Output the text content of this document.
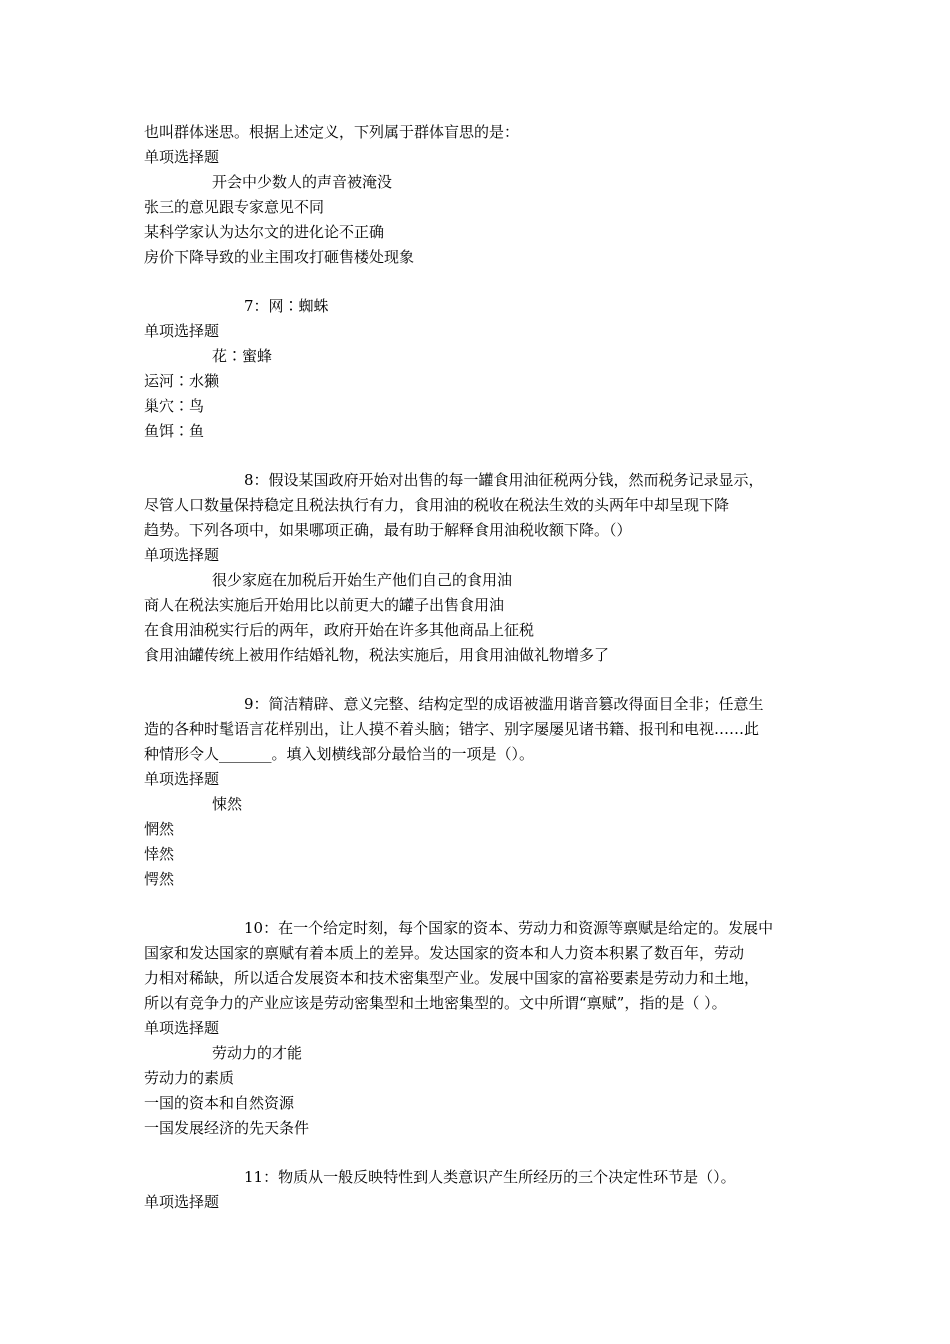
也叫群体迷思。根据上述定义，下列属于群体盲思的是：
单项选择题
开会中少数人的声音被淹没
张三的意见跟专家意见不同
某科学家认为达尔文的进化论不正确
房价下降导致的业主围攻打砸售楼处现象
7：网∶蜘蛛
单项选择题
花∶蜜蜂
运河∶水獭
巢穴∶鸟
鱼饵∶鱼
8：假设某国政府开始对出售的每一罐食用油征税两分钱，然而税务记录显示，
尽管人口数量保持稳定且税法执行有力，食用油的税收在税法生效的头两年中却呈现下降
趋势。下列各项中，如果哪项正确，最有助于解释食用油税收额下降。（）
单项选择题
很少家庭在加税后开始生产他们自己的食用油
商人在税法实施后开始用比以前更大的罐子出售食用油
在食用油税实行后的两年，政府开始在许多其他商品上征税
食用油罐传统上被用作结婚礼物，税法实施后，用食用油做礼物增多了
9：简洁精辟、意义完整、结构定型的成语被滥用谐音篡改得面目全非；任意生
造的各种时髦语言花样别出，让人摸不着头脑；错字、别字屡屡见诸书籍、报刊和电视……此
种情形令人_______。填入划横线部分最恰当的一项是（）。
单项选择题
悚然
惘然
悻然
愕然
10：在一个给定时刻，每个国家的资本、劳动力和资源等禀赋是给定的。发展中
国家和发达国家的禀赋有着本质上的差异。发达国家的资本和人力资本积累了数百年，劳动
力相对稀缺，所以适合发展资本和技术密集型产业。发展中国家的富裕要素是劳动力和土地，
所以有竞争力的产业应该是劳动密集型和土地密集型的。文中所谓“禀赋”，指的是（ ）。
单项选择题
劳动力的才能
劳动力的素质
一国的资本和自然资源
一国发展经济的先天条件
11：物质从一般反映特性到人类意识产生所经历的三个决定性环节是（）。
单项选择题
